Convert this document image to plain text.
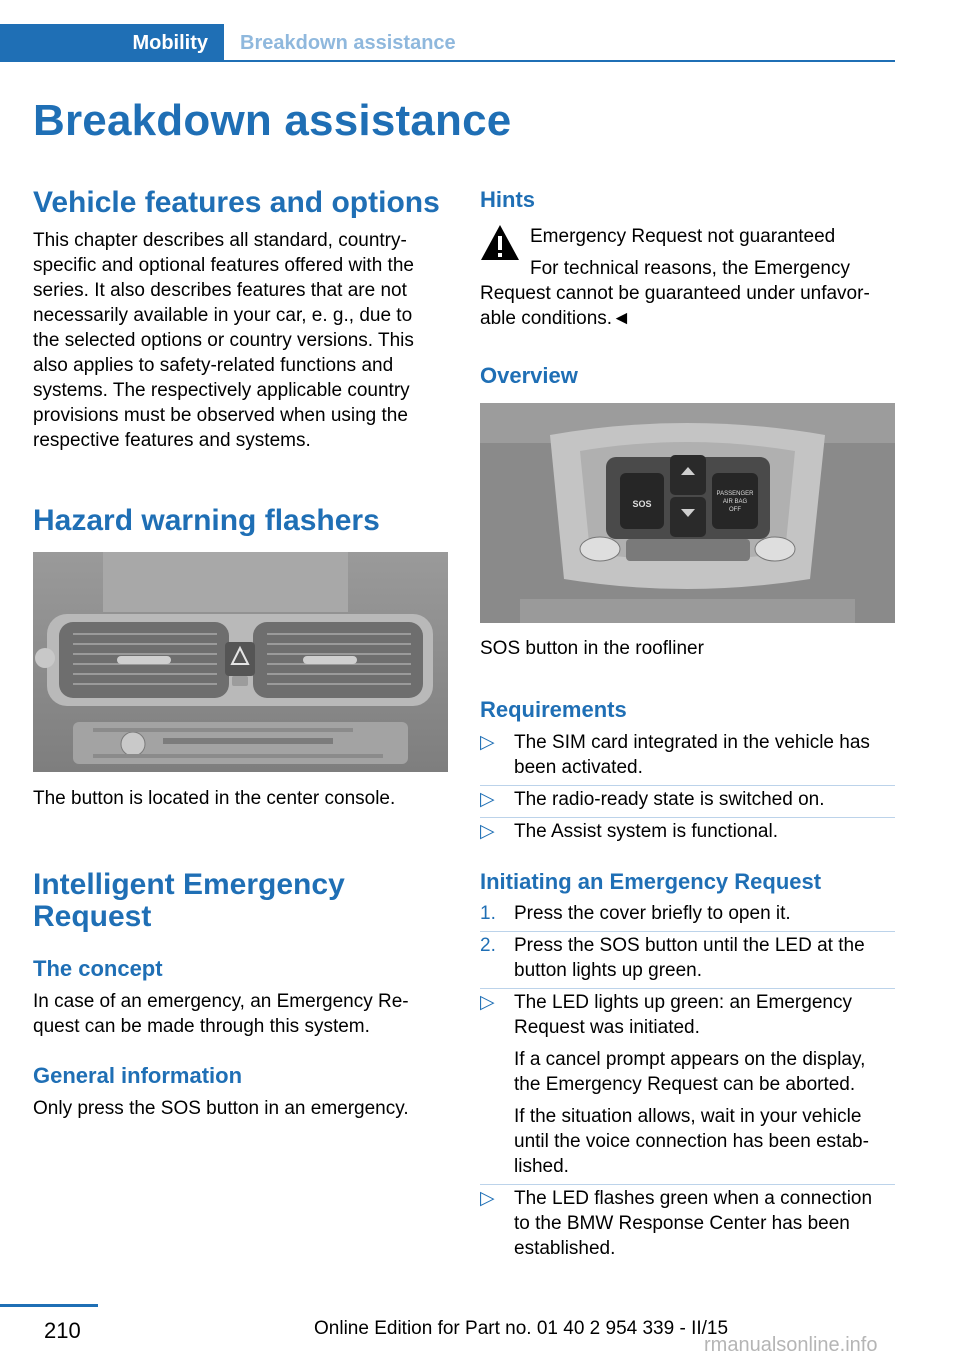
Mobility	Breakdown assistance
Breakdown assistance
Vehicle features and options
This chapter describes all standard, country-
specific and optional features offered with the
series. It also describes features that are not
necessarily available in your car, e. g., due to
the selected options or country versions. This
also applies to safety-related functions and
systems. The respectively applicable country
provisions must be observed when using the
respective features and systems.
Hazard warning flashers
The button is located in the center console.
Intelligent Emergency
Request
The concept
In case of an emergency, an Emergency Re-
quest can be made through this system.
General information
Only press the SOS button in an emergency.
Hints
Emergency Request not guaranteed
For technical reasons, the Emergency
Request cannot be guaranteed under unfavor-
able conditions.◄
Overview
SOS
PASSENGER
AIR BAG
OFF
SOS button in the roofliner
Requirements
▷	The SIM card integrated in the vehicle has
been activated.
▷	The radio-ready state is switched on.
▷	The Assist system is functional.
Initiating an Emergency Request
1. Press the cover briefly to open it.
2. Press the SOS button until the LED at the
button lights up green.
▷	The LED lights up green: an Emergency
Request was initiated.
If a cancel prompt appears on the display,
the Emergency Request can be aborted.
If the situation allows, wait in your vehicle
until the voice connection has been estab-
lished.
▷	The LED flashes green when a connection
to the BMW Response Center has been
established.
210	Online Edition for Part no. 01 40 2 954 339 - II/15
rmanualsonline.info
